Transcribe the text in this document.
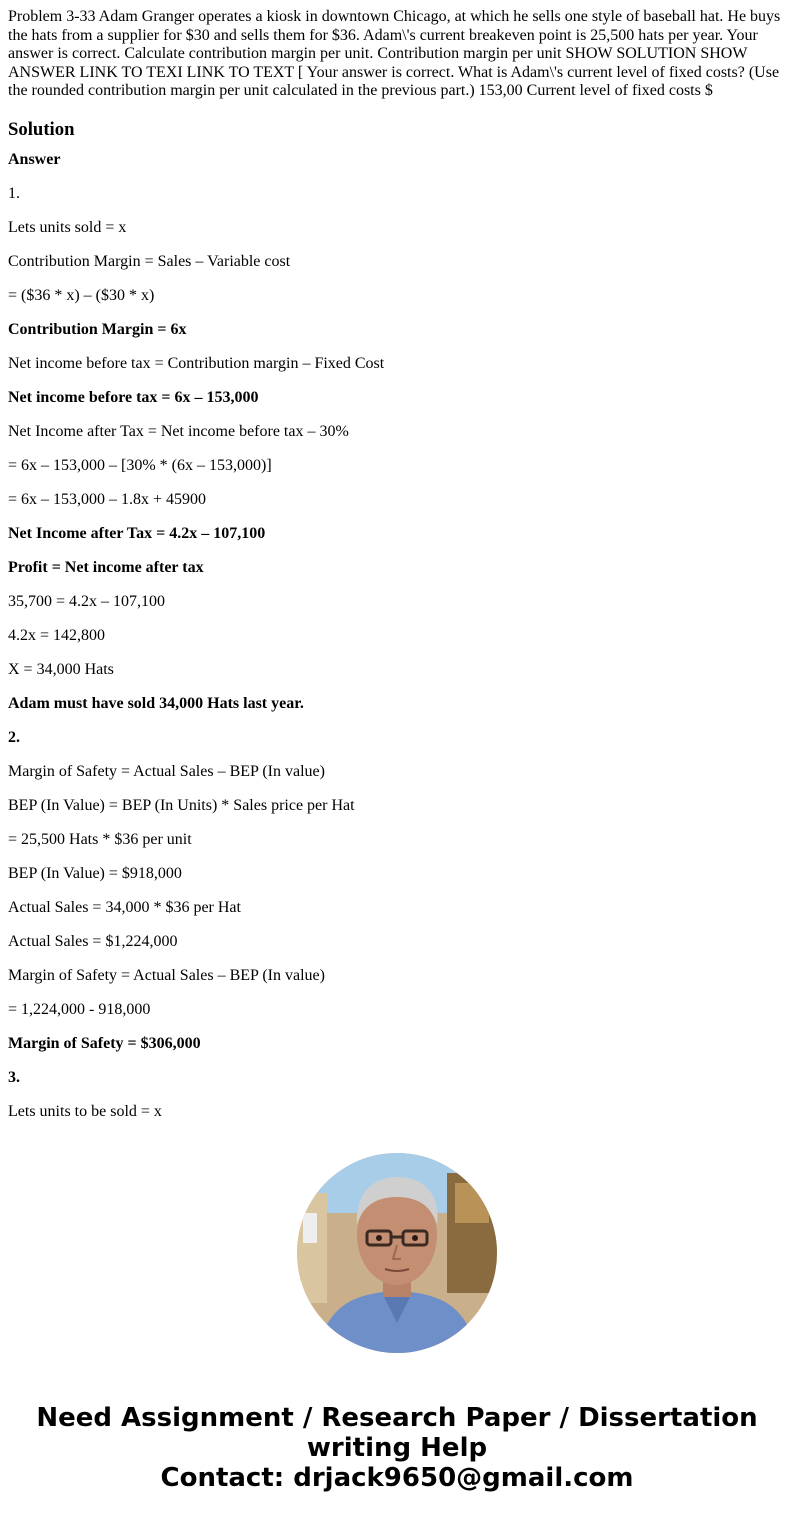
Problem 3-33 Adam Granger operates a kiosk in downtown Chicago, at which he sells one style of baseball hat. He buys the hats from a supplier for $30 and sells them for $36. Adam\'s current breakeven point is 25,500 hats per year. Your answer is correct. Calculate contribution margin per unit. Contribution margin per unit SHOW SOLUTION SHOW ANSWER LINK TO TEXI LINK TO TEXT [ Your answer is correct. What is Adam\'s current level of fixed costs? (Use the rounded contribution margin per unit calculated in the previous part.) 153,00 Current level of fixed costs $

Solution

Answer

1.

Lets units sold = x

Contribution Margin = Sales – Variable cost

= ($36 * x) – ($30 * x)

Contribution Margin = 6x

Net income before tax = Contribution margin – Fixed Cost

Net income before tax = 6x – 153,000

Net Income after Tax = Net income before tax – 30%

= 6x – 153,000 – [30% * (6x – 153,000)]

= 6x – 153,000 – 1.8x + 45900

Net Income after Tax = 4.2x – 107,100

Profit = Net income after tax

35,700 = 4.2x – 107,100

4.2x = 142,800

X = 34,000 Hats

Adam must have sold 34,000 Hats last year.

2.

Margin of Safety = Actual Sales – BEP (In value)

BEP (In Value) = BEP (In Units) * Sales price per Hat

= 25,500 Hats * $36 per unit

BEP (In Value) = $918,000

Actual Sales = 34,000 * $36 per Hat

Actual Sales = $1,224,000

Margin of Safety = Actual Sales – BEP (In value)

= 1,224,000 - 918,000

Margin of Safety = $306,000

3.

Lets units to be sold = x

Need Assignment / Research Paper / Dissertation
writing Help
Contact: drjack9650@gmail.com
